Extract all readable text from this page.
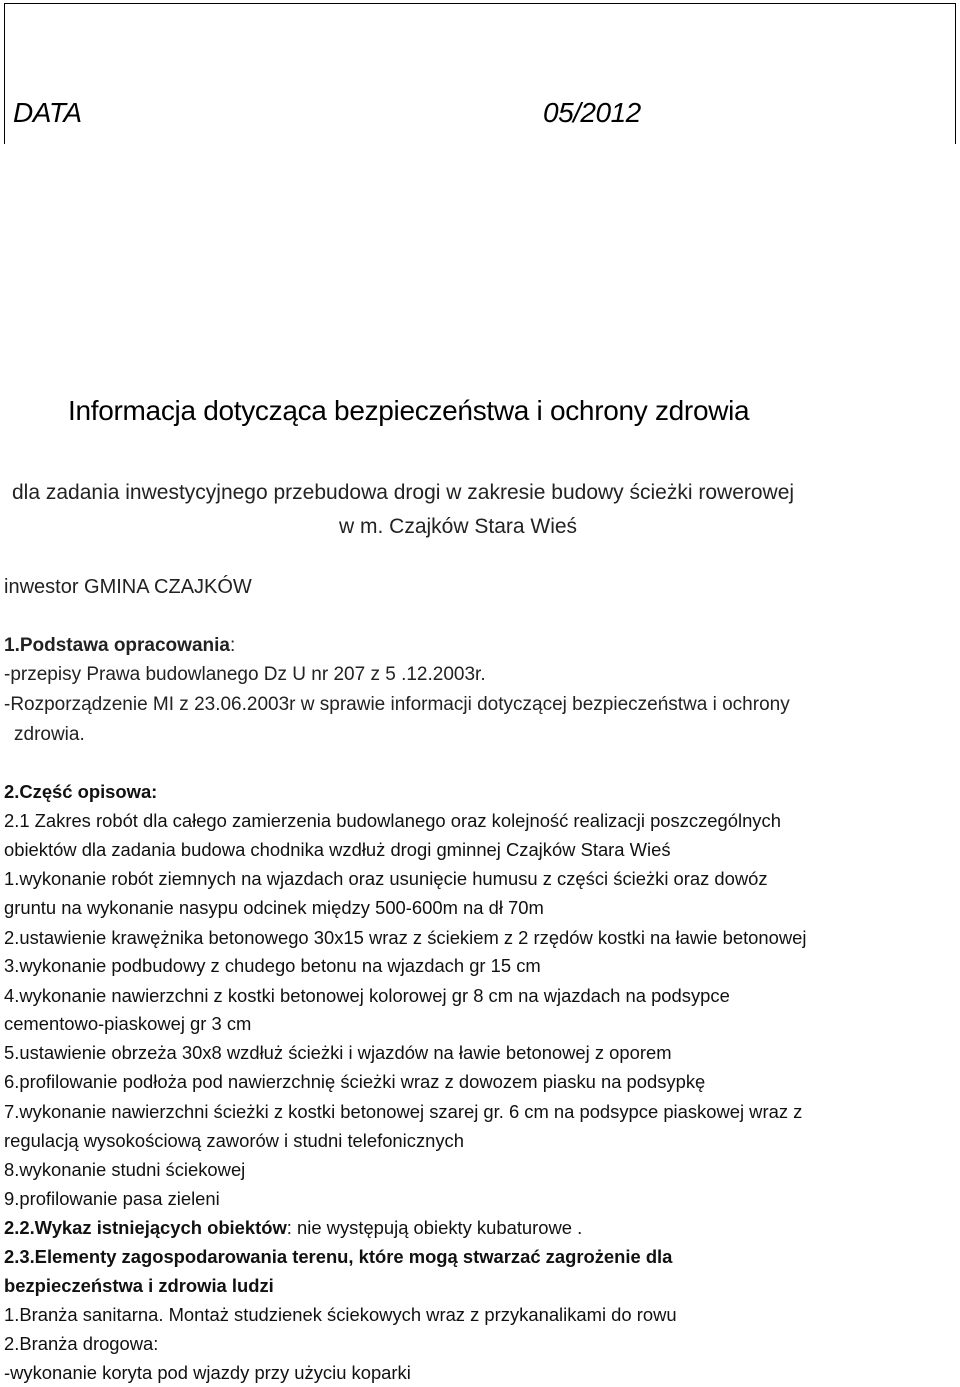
DATA	05/2012
Informacja dotycząca bezpieczeństwa i ochrony zdrowia
dla zadania inwestycyjnego przebudowa drogi w zakresie budowy ścieżki rowerowej
w m. Czajków Stara Wieś
inwestor GMINA CZAJKÓW
1.Podstawa opracowania:
-przepisy Prawa budowlanego Dz U nr 207 z 5 .12.2003r.
-Rozporządzenie MI z 23.06.2003r w sprawie informacji dotyczącej bezpieczeństwa i ochrony
zdrowia.
2.Część opisowa:
2.1 Zakres robót dla całego zamierzenia budowlanego oraz kolejność realizacji poszczególnych
obiektów dla zadania budowa chodnika wzdłuż drogi gminnej Czajków Stara Wieś
1.wykonanie robót ziemnych na wjazdach oraz usunięcie humusu z części ścieżki oraz dowóz
gruntu na wykonanie nasypu odcinek między 500-600m na dł 70m
2.ustawienie krawężnika betonowego 30x15 wraz z ściekiem z 2 rzędów kostki na ławie betonowej
3.wykonanie podbudowy z chudego betonu na wjazdach gr 15 cm
4.wykonanie nawierzchni z kostki betonowej kolorowej gr 8 cm na wjazdach na podsypce
cementowo-piaskowej gr 3 cm
5.ustawienie obrzeża 30x8 wzdłuż ścieżki i wjazdów na ławie betonowej z oporem
6.profilowanie podłoża pod nawierzchnię ścieżki wraz z dowozem piasku na podsypkę
7.wykonanie nawierzchni ścieżki z kostki betonowej szarej gr. 6 cm na podsypce piaskowej wraz z
regulacją wysokościową zaworów i studni telefonicznych
8.wykonanie studni ściekowej
9.profilowanie pasa zieleni
2.2.Wykaz istniejących obiektów: nie występują obiekty kubaturowe .
2.3.Elementy zagospodarowania terenu, które mogą stwarzać zagrożenie dla
bezpieczeństwa i zdrowia ludzi
1.Branża sanitarna. Montaż studzienek ściekowych wraz z przykanalikami do rowu
2.Branża drogowa:
-wykonanie koryta pod wjazdy przy użyciu koparki
